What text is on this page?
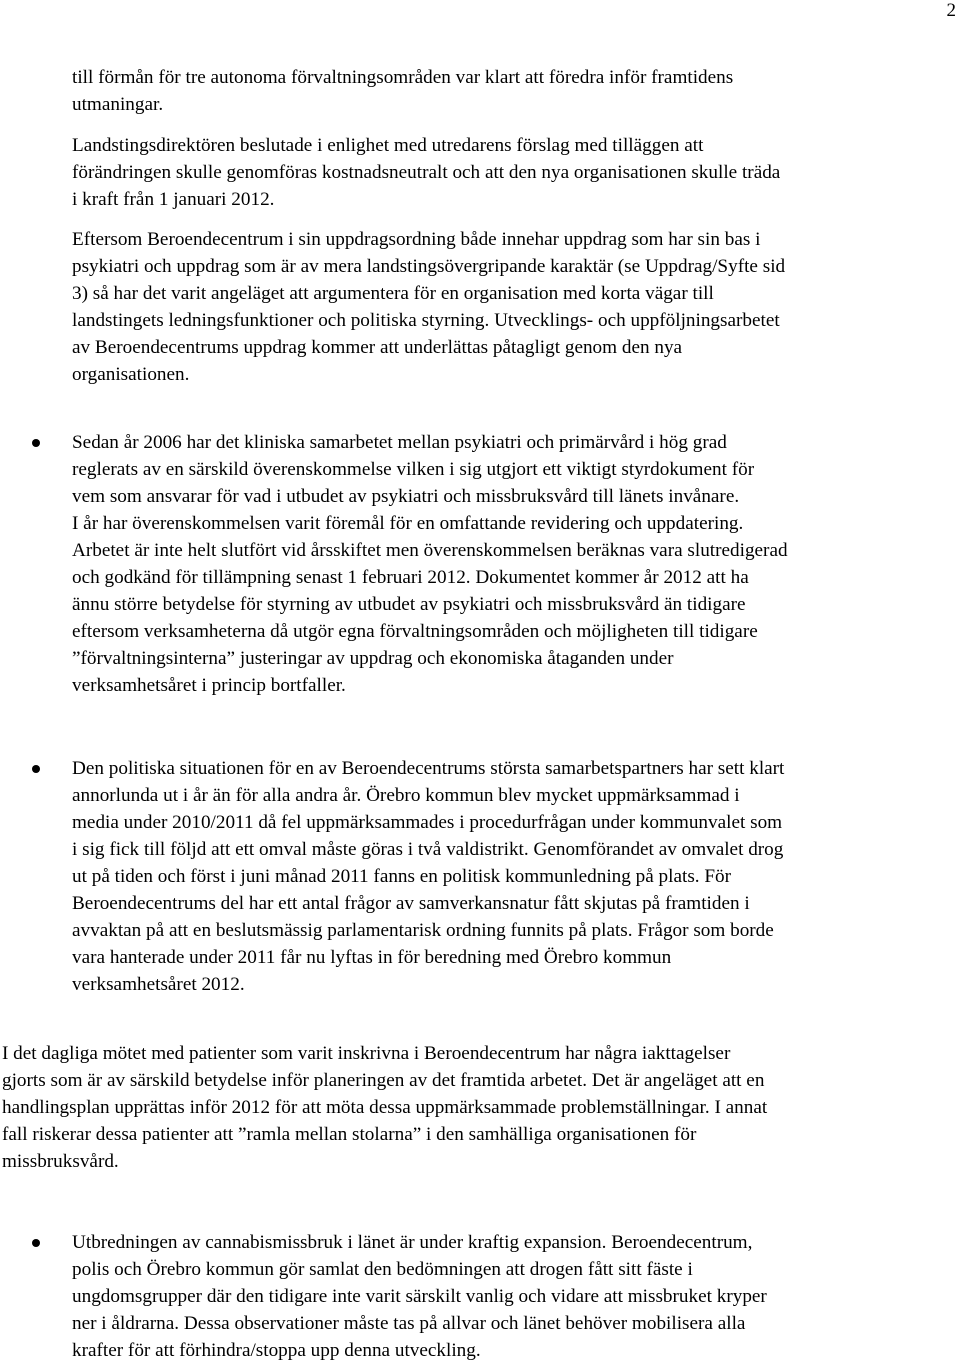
2
till förmån för tre autonoma förvaltningsområden var klart att föredra inför framtidens
utmaningar.
Landstingsdirektören beslutade i enlighet med utredarens förslag med tilläggen att
förändringen skulle genomföras kostnadsneutralt och att den nya organisationen skulle träda
i kraft från 1 januari 2012.
Eftersom Beroendecentrum i sin uppdragsordning både innehar uppdrag som har sin bas i
psykiatri och uppdrag som är av mera landstingsövergripande karaktär (se Uppdrag/Syfte sid
3) så har det varit angeläget att argumentera för en organisation med korta vägar till
landstingets ledningsfunktioner och politiska styrning. Utvecklings- och uppföljningsarbetet
av Beroendecentrums uppdrag kommer att underlättas påtagligt genom den nya
organisationen.
Sedan år 2006 har det kliniska samarbetet mellan psykiatri och primärvård i hög grad
reglerats av en särskild överenskommelse vilken i sig utgjort ett viktigt styrdokument för
vem som ansvarar för vad i utbudet av psykiatri och missbruksvård till länets invånare.
I år har överenskommelsen varit föremål för en omfattande revidering och uppdatering.
Arbetet är inte helt slutfört vid årsskiftet men överenskommelsen beräknas vara slutredigerad
och godkänd för tillämpning senast 1 februari 2012. Dokumentet kommer år 2012 att ha
ännu större betydelse för styrning av utbudet av psykiatri och missbruksvård än tidigare
eftersom verksamheterna då utgör egna förvaltningsområden och möjligheten till tidigare
”förvaltningsinterna” justeringar av uppdrag och ekonomiska åtaganden under
verksamhetsåret i princip bortfaller.
Den politiska situationen för en av Beroendecentrums största samarbetspartners har sett klart
annorlunda ut i år än för alla andra år. Örebro kommun blev mycket uppmärksammad i
media under 2010/2011 då fel uppmärksammades i procedurfrågan under kommunvalet som
i sig fick till följd att ett omval måste göras i två valdistrikt. Genomförandet av omvalet drog
ut på tiden och först i juni månad 2011 fanns en politisk kommunledning på plats. För
Beroendecentrums del har ett antal frågor av samverkansnatur fått skjutas på framtiden i
avvaktan på att en beslutsmässig parlamentarisk ordning funnits på plats. Frågor som borde
vara hanterade under 2011 får nu lyftas in för beredning med Örebro kommun
verksamhetsåret 2012.
I det dagliga mötet med patienter som varit inskrivna i Beroendecentrum har några iakttagelser
gjorts som är av särskild betydelse inför planeringen av det framtida arbetet. Det är angeläget att en
handlingsplan upprättas inför 2012 för att möta dessa uppmärksammade problemställningar. I annat
fall riskerar dessa patienter att ”ramla mellan stolarna” i den samhälliga organisationen för
missbruksvård.
Utbredningen av cannabismissbruk i länet är under kraftig expansion. Beroendecentrum,
polis och Örebro kommun gör samlat den bedömningen att drogen fått sitt fäste i
ungdomsgrupper där den tidigare inte varit särskilt vanlig och vidare att missbruket kryper
ner i åldrarna. Dessa observationer måste tas på allvar och länet behöver mobilisera alla
krafter för att förhindra/stoppa upp denna utveckling.
